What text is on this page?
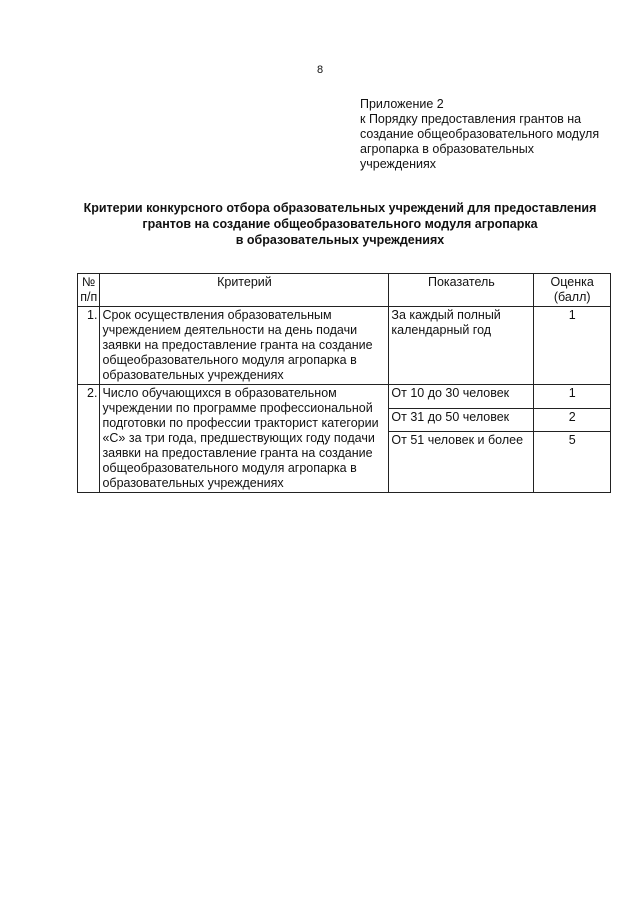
8
Приложение 2
к Порядку предоставления грантов на
создание общеобразовательного модуля
агропарка в образовательных
учреждениях
Критерии конкурсного отбора образовательных учреждений для предоставления
грантов на создание общеобразовательного модуля агропарка
в образовательных учреждениях
№ п/п	Критерий	Показатель	Оценка (балл)
1.	Срок осуществления образовательным учреждением деятельности на день подачи заявки на предоставление гранта на создание общеобразовательного модуля агропарка в образовательных учреждениях	За каждый полный календарный год	1
2.	Число обучающихся в образовательном учреждении по программе профессиональной подготовки по профессии тракторист категории «С» за три года, предшествующих году подачи заявки на предоставление гранта на создание общеобразовательного модуля агропарка в образовательных учреждениях	От 10 до 30 человек	1
		От 31 до 50 человек	2
		От 51 человек и более	5
